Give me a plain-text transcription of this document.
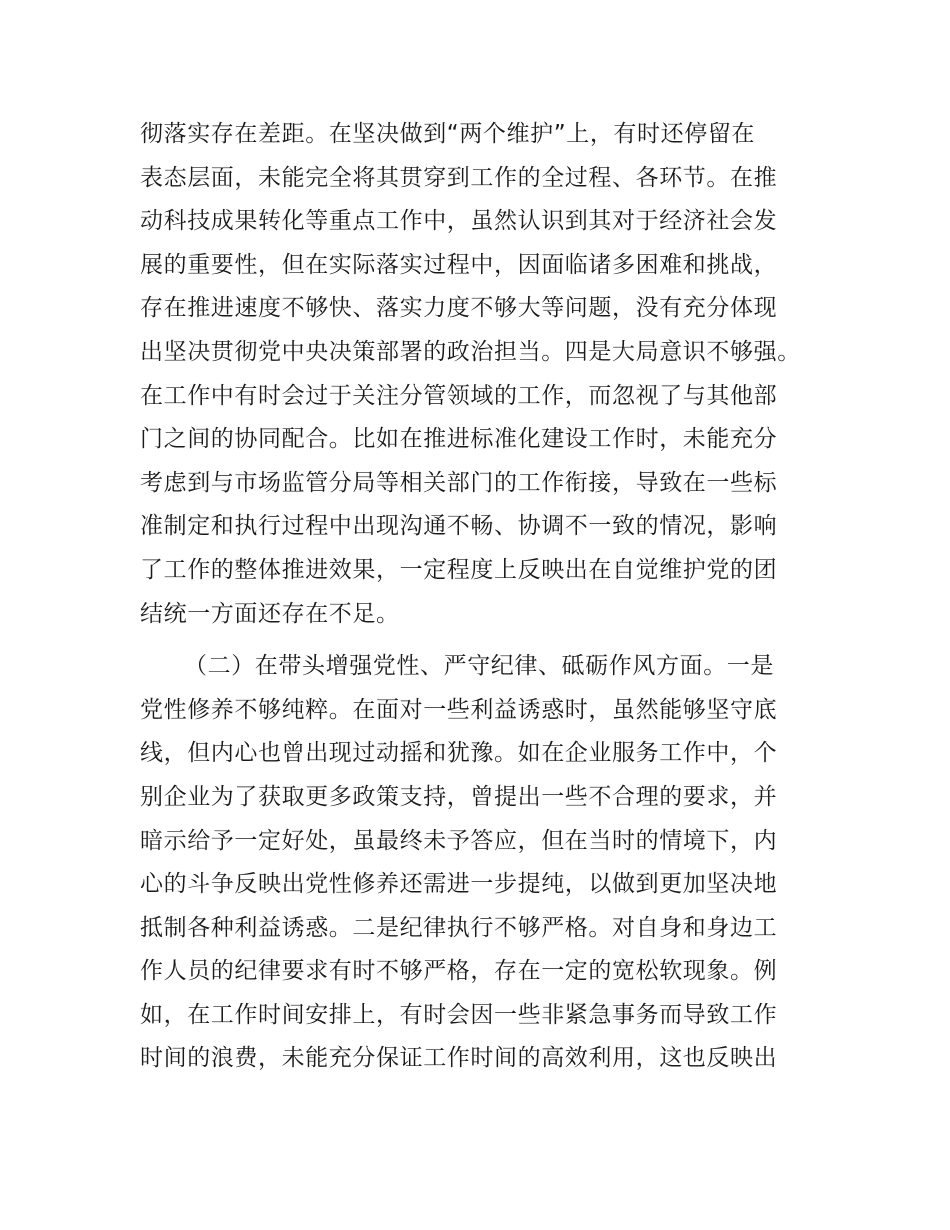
彻落实存在差距。在坚决做到“两个维护”上，有时还停留在
表态层面，未能完全将其贯穿到工作的全过程、各环节。在推
动科技成果转化等重点工作中，虽然认识到其对于经济社会发
展的重要性，但在实际落实过程中，因面临诸多困难和挑战，
存在推进速度不够快、落实力度不够大等问题，没有充分体现
出坚决贯彻党中央决策部署的政治担当。四是大局意识不够强。
在工作中有时会过于关注分管领域的工作，而忽视了与其他部
门之间的协同配合。比如在推进标准化建设工作时，未能充分
考虑到与市场监管分局等相关部门的工作衔接，导致在一些标
准制定和执行过程中出现沟通不畅、协调不一致的情况，影响
了工作的整体推进效果，一定程度上反映出在自觉维护党的团
结统一方面还存在不足。
（二）在带头增强党性、严守纪律、砥砺作风方面。一是
党性修养不够纯粹。在面对一些利益诱惑时，虽然能够坚守底
线，但内心也曾出现过动摇和犹豫。如在企业服务工作中，个
别企业为了获取更多政策支持，曾提出一些不合理的要求，并
暗示给予一定好处，虽最终未予答应，但在当时的情境下，内
心的斗争反映出党性修养还需进一步提纯，以做到更加坚决地
抵制各种利益诱惑。二是纪律执行不够严格。对自身和身边工
作人员的纪律要求有时不够严格，存在一定的宽松软现象。例
如，在工作时间安排上，有时会因一些非紧急事务而导致工作
时间的浪费，未能充分保证工作时间的高效利用，这也反映出
